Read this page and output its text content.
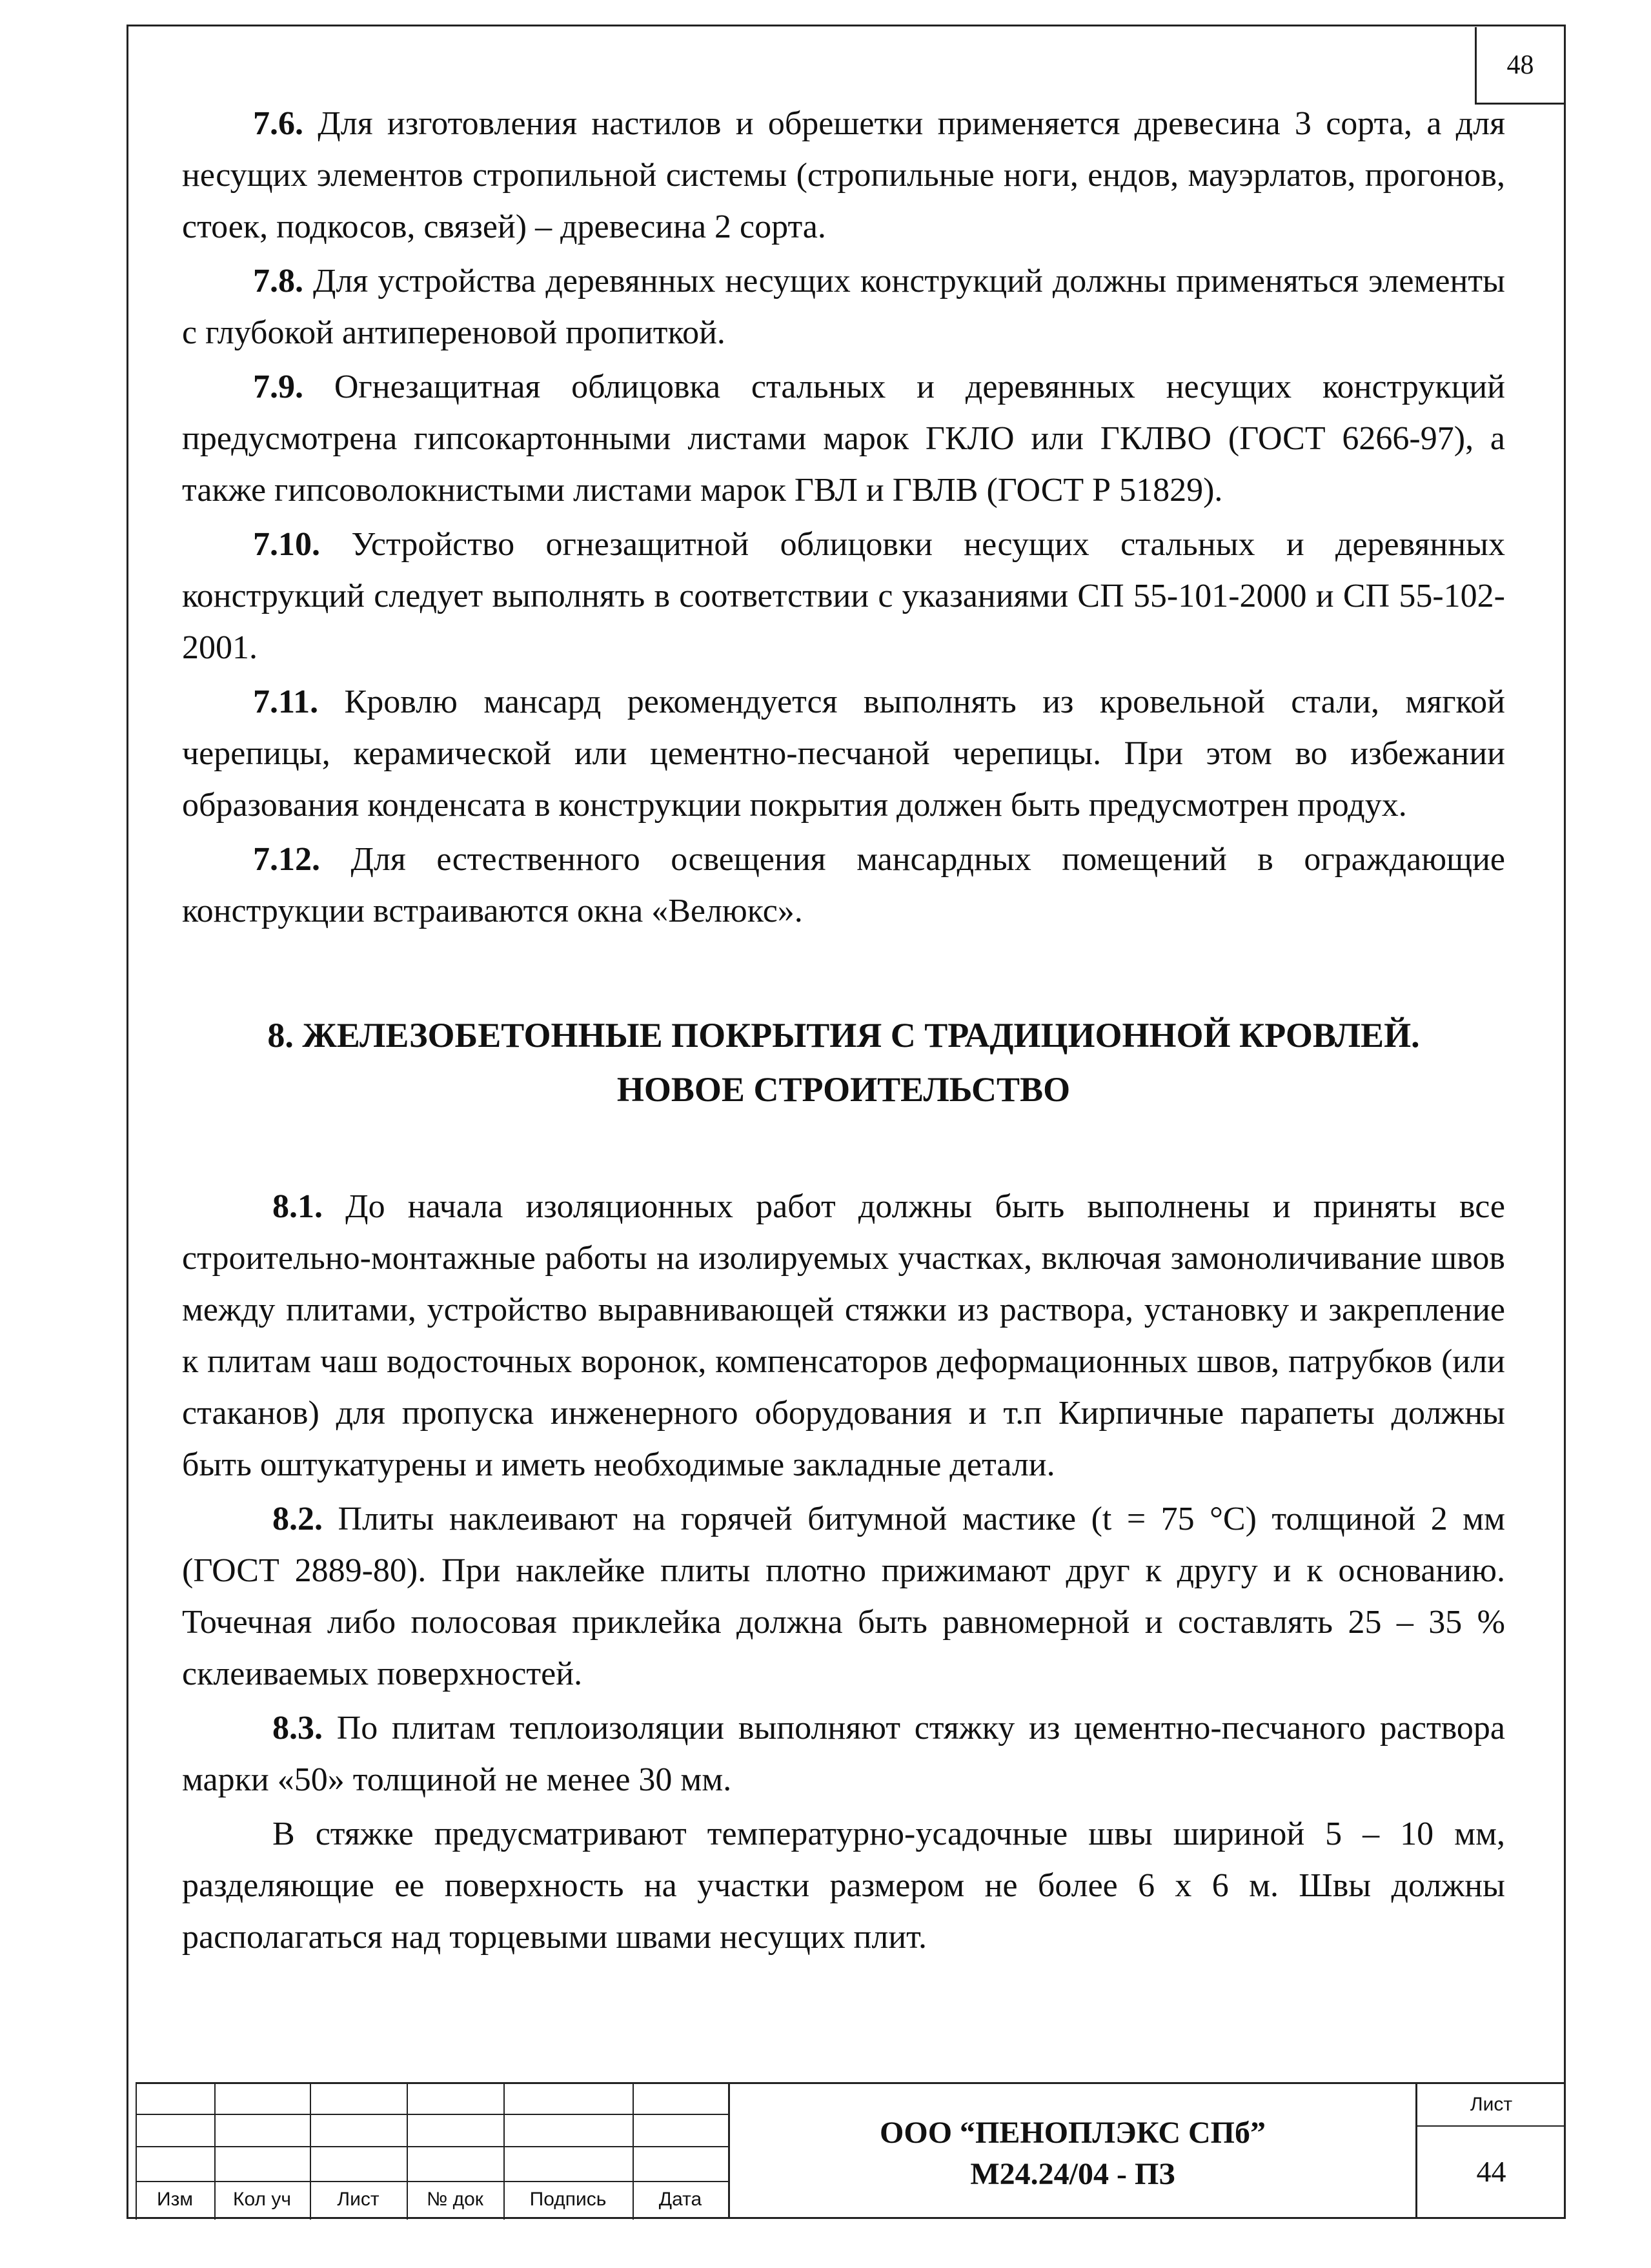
48

7.6. Для изготовления настилов и обрешетки применяется древесина 3 сорта, а для несущих элементов стропильной системы (стропильные ноги, ендов, мауэрлатов, прогонов, стоек, подкосов, связей) – древесина 2 сорта.

7.8. Для устройства деревянных несущих конструкций должны применяться элементы с глубокой антипереновой пропиткой.

7.9. Огнезащитная облицовка стальных и деревянных несущих конструкций предусмотрена гипсокартонными листами марок ГКЛО или ГКЛВО (ГОСТ 6266-97), а также гипсоволокнистыми листами марок ГВЛ и ГВЛВ (ГОСТ Р 51829).

7.10. Устройство огнезащитной облицовки несущих стальных и деревянных конструкций следует выполнять в соответствии с указаниями СП 55-101-2000 и СП 55-102-2001.

7.11. Кровлю мансард рекомендуется выполнять из кровельной стали, мягкой черепицы, керамической или цементно-песчаной черепицы. При этом во избежании образования конденсата в конструкции покрытия должен быть предусмотрен продух.

7.12. Для естественного освещения мансардных помещений в ограждающие конструкции встраиваются окна «Велюкс».

8. ЖЕЛЕЗОБЕТОННЫЕ ПОКРЫТИЯ С ТРАДИЦИОННОЙ КРОВЛЕЙ.
НОВОЕ СТРОИТЕЛЬСТВО

8.1. До начала изоляционных работ должны быть выполнены и приняты все строительно-монтажные работы на изолируемых участках, включая замоноличивание швов между плитами, устройство выравнивающей стяжки из раствора, установку и закрепление к плитам чаш водосточных воронок, компенсаторов деформационных швов, патрубков (или стаканов) для пропуска инженерного оборудования и т.п Кирпичные парапеты должны быть оштукатурены и иметь необходимые закладные детали.

8.2. Плиты наклеивают на горячей битумной мастике (t = 75 °С) толщиной 2 мм (ГОСТ 2889-80). При наклейке плиты плотно прижимают друг к другу и к основанию. Точечная либо полосовая приклейка должна быть равномерной и составлять 25 – 35 % склеиваемых поверхностей.

8.3. По плитам теплоизоляции выполняют стяжку из цементно-песчаного раствора марки «50» толщиной не менее 30 мм.

В стяжке предусматривают температурно-усадочные швы шириной 5 – 10 мм, разделяющие ее поверхность на участки размером не более 6 х 6 м. Швы должны располагаться над торцевыми швами несущих плит.

Изм	Кол уч	Лист	№ док	Подпись	Дата
ООО “ПЕНОПЛЭКС СПб”
М24.24/04 - ПЗ
Лист
44
